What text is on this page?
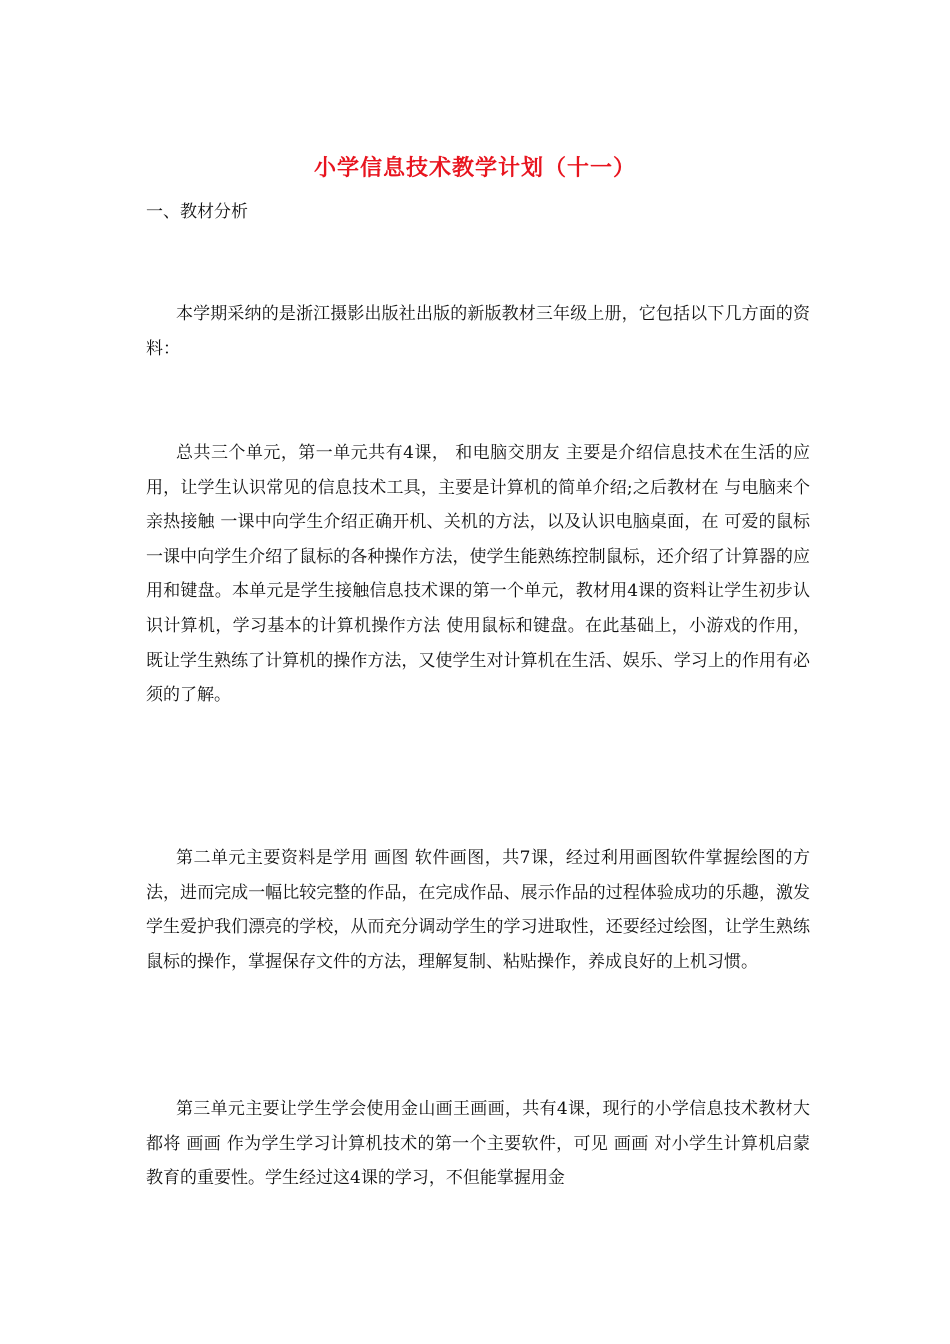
小学信息技术教学计划（十一）

一、教材分析

本学期采纳的是浙江摄影出版社出版的新版教材三年级上册，它包括以下几方面的资料：

总共三个单元，第一单元共有4课， 和电脑交朋友 主要是介绍信息技术在生活的应用，让学生认识常见的信息技术工具，主要是计算机的简单介绍;之后教材在 与电脑来个亲热接触 一课中向学生介绍正确开机、关机的方法，以及认识电脑桌面，在 可爱的鼠标 一课中向学生介绍了鼠标的各种操作方法，使学生能熟练控制鼠标，还介绍了计算器的应用和键盘。本单元是学生接触信息技术课的第一个单元，教材用4课的资料让学生初步认识计算机，学习基本的计算机操作方法 使用鼠标和键盘。在此基础上，小游戏的作用，既让学生熟练了计算机的操作方法，又使学生对计算机在生活、娱乐、学习上的作用有必须的了解。

第二单元主要资料是学用 画图 软件画图，共7课，经过利用画图软件掌握绘图的方法，进而完成一幅比较完整的作品，在完成作品、展示作品的过程体验成功的乐趣，激发学生爱护我们漂亮的学校，从而充分调动学生的学习进取性，还要经过绘图，让学生熟练鼠标的操作，掌握保存文件的方法，理解复制、粘贴操作，养成良好的上机习惯。

第三单元主要让学生学会使用金山画王画画，共有4课，现行的小学信息技术教材大都将 画画 作为学生学习计算机技术的第一个主要软件，可见 画画 对小学生计算机启蒙教育的重要性。学生经过这4课的学习，不但能掌握用金
